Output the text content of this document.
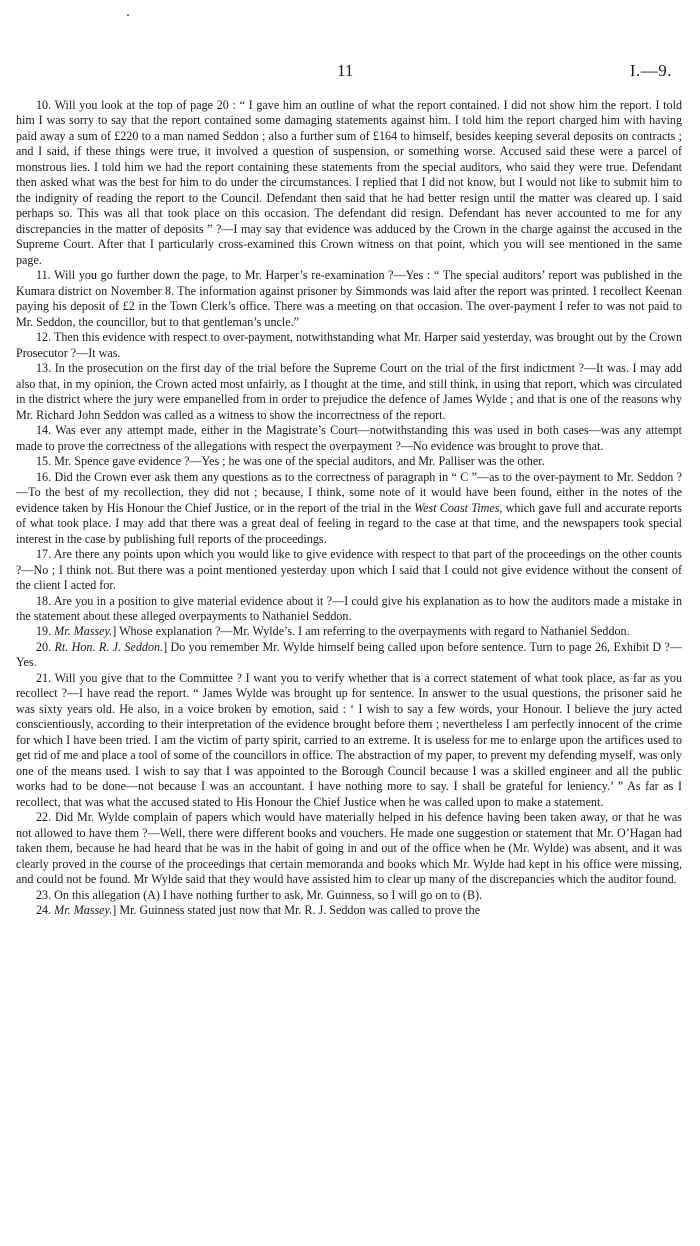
11	I.—9.

10. Will you look at the top of page 20 : “ I gave him an outline of what the report contained. I did not show him the report. I told him I was sorry to say that the report contained some damaging statements against him. I told him the report charged him with having paid away a sum of £220 to a man named Seddon ; also a further sum of £164 to himself, besides keeping several deposits on contracts ; and I said, if these things were true, it involved a question of suspension, or something worse. Accused said these were a parcel of monstrous lies. I told him we had the report containing these statements from the special auditors, who said they were true. Defendant then asked what was the best for him to do under the circumstances. I replied that I did not know, but I would not like to submit him to the indignity of reading the report to the Council. Defendant then said that he had better resign until the matter was cleared up. I said perhaps so. This was all that took place on this occasion. The defendant did resign. Defendant has never accounted to me for any discrepancies in the matter of deposits ” ?—I may say that evidence was adduced by the Crown in the charge against the accused in the Supreme Court. After that I particularly cross-examined this Crown witness on that point, which you will see mentioned in the same page.

11. Will you go further down the page, to Mr. Harper’s re-examination ?—Yes : “ The special auditors’ report was published in the Kumara district on November 8. The information against prisoner by Simmonds was laid after the report was printed. I recollect Keenan paying his deposit of £2 in the Town Clerk’s office. There was a meeting on that occasion. The over-payment I refer to was not paid to Mr. Seddon, the councillor, but to that gentleman’s uncle.”

12. Then this evidence with respect to over-payment, notwithstanding what Mr. Harper said yesterday, was brought out by the Crown Prosecutor ?—It was.

13. In the prosecution on the first day of the trial before the Supreme Court on the trial of the first indictment ?—It was. I may add also that, in my opinion, the Crown acted most unfairly, as I thought at the time, and still think, in using that report, which was circulated in the district where the jury were empanelled from in order to prejudice the defence of James Wylde ; and that is one of the reasons why Mr. Richard John Seddon was called as a witness to show the incorrectness of the report.

14. Was ever any attempt made, either in the Magistrate’s Court—notwithstanding this was used in both cases—was any attempt made to prove the correctness of the allegations with respect the overpayment ?—No evidence was brought to prove that.

15. Mr. Spence gave evidence ?—Yes ; he was one of the special auditors, and Mr. Palliser was the other.

16. Did the Crown ever ask them any questions as to the correctness of paragraph in “ C ”—as to the over-payment to Mr. Seddon ?—To the best of my recollection, they did not ; because, I think, some note of it would have been found, either in the notes of the evidence taken by His Honour the Chief Justice, or in the report of the trial in the West Coast Times, which gave full and accurate reports of what took place. I may add that there was a great deal of feeling in regard to the case at that time, and the newspapers took special interest in the case by publishing full reports of the proceedings.

17. Are there any points upon which you would like to give evidence with respect to that part of the proceedings on the other counts ?—No ; I think not. But there was a point mentioned yesterday upon which I said that I could not give evidence without the consent of the client I acted for.

18. Are you in a position to give material evidence about it ?—I could give his explanation as to how the auditors made a mistake in the statement about these alleged overpayments to Nathaniel Seddon.

19. Mr. Massey.] Whose explanation ?—Mr. Wylde’s. I am referring to the overpayments with regard to Nathaniel Seddon.

20. Rt. Hon. R. J. Seddon.] Do you remember Mr. Wylde himself being called upon before sentence. Turn to page 26, Exhibit D ?—Yes.

21. Will you give that to the Committee ? I want you to verify whether that is a correct statement of what took place, as far as you recollect ?—I have read the report. “ James Wylde was brought up for sentence. In answer to the usual questions, the prisoner said he was sixty years old. He also, in a voice broken by emotion, said : ‘ I wish to say a few words, your Honour. I believe the jury acted conscientiously, according to their interpretation of the evidence brought before them ; nevertheless I am perfectly innocent of the crime for which I have been tried. I am the victim of party spirit, carried to an extreme. It is useless for me to enlarge upon the artifices used to get rid of me and place a tool of some of the councillors in office. The abstraction of my paper, to prevent my defending myself, was only one of the means used. I wish to say that I was appointed to the Borough Council because I was a skilled engineer and all the public works had to be done—not because I was an accountant. I have nothing more to say. I shall be grateful for leniency.’ ” As far as I recollect, that was what the accused stated to His Honour the Chief Justice when he was called upon to make a statement.

22. Did Mr. Wylde complain of papers which would have materially helped in his defence having been taken away, or that he was not allowed to have them ?—Well, there were different books and vouchers. He made one suggestion or statement that Mr. O’Hagan had taken them, because he had heard that he was in the habit of going in and out of the office when he (Mr. Wylde) was absent, and it was clearly proved in the course of the proceedings that certain memoranda and books which Mr. Wylde had kept in his office were missing, and could not be found. Mr Wylde said that they would have assisted him to clear up many of the discrepancies which the auditor found.

23. On this allegation (A) I have nothing further to ask, Mr. Guinness, so I will go on to (B).

24. Mr. Massey.] Mr. Guinness stated just now that Mr. R. J. Seddon was called to prove the
